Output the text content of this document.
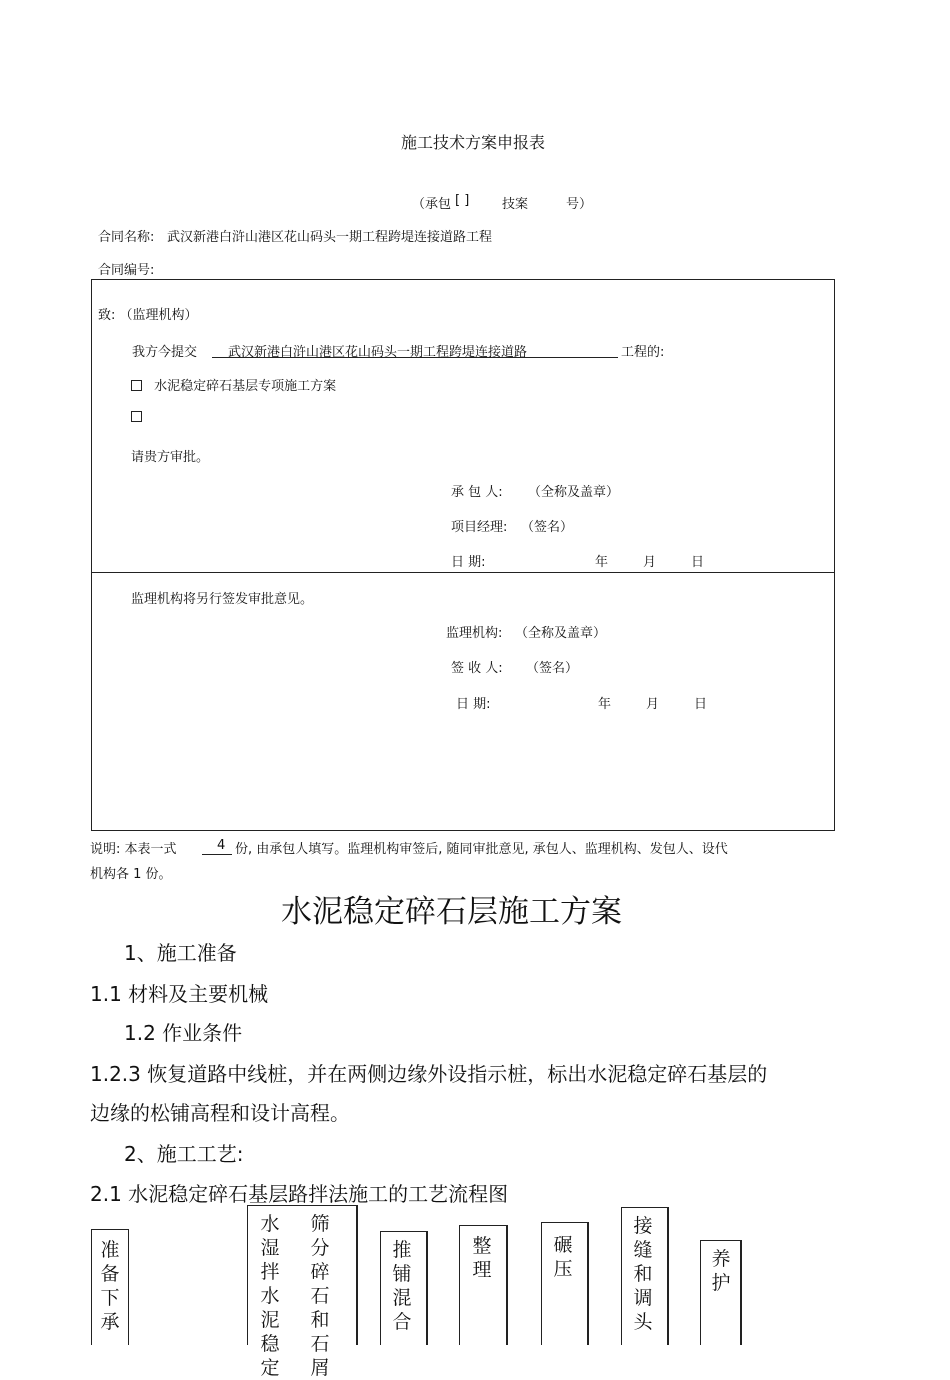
施工技术方案申报表
（承包 [ ]	技案	号）
合同名称: 武汉新港白浒山港区花山码头一期工程跨堤连接道路工程
合同编号:
致: （监理机构）
我方今提交 武汉新港白浒山港区花山码头一期工程跨堤连接道路	工程的:
水泥稳定碎石基层专项施工方案
请贵方审批。
承 包 人: （全称及盖章）
项目经理: （签名）
日 期:	年	月	日
监理机构将另行签发审批意见。
监理机构: （全称及盖章）
签 收 人: （签名）
日 期:	年	月	日
说明: 本表一式	4 份, 由承包人填写。监理机构审签后, 随同审批意见, 承包人、监理机构、发包人、设代
机构各 1 份。
水泥稳定碎石层施工方案
1、施工准备
1.1 材料及主要机械
1.2 作业条件
1.2.3 恢复道路中线桩，并在两侧边缘外设指示桩，标出水泥稳定碎石基层的
边缘的松铺高程和设计高程。
2、施工工艺:
2.1 水泥稳定碎石基层路拌法施工的工艺流程图
准备下承
水湿拌水泥稳定
筛分碎石和石屑
推铺混合
整理
碾压
接缝和调头
养护
